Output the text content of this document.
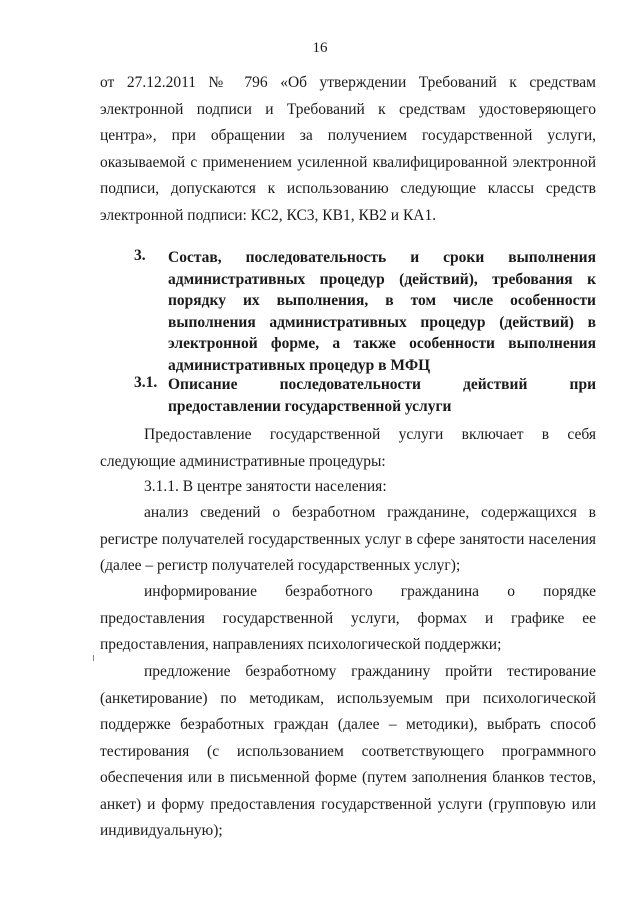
16
от 27.12.2011 № 796 «Об утверждении Требований к средствам электронной подписи и Требований к средствам удостоверяющего центра», при обращении за получением государственной услуги, оказываемой с применением усиленной квалифицированной электронной подписи, допускаются к использованию следующие классы средств электронной подписи: КС2, КС3, КВ1, КВ2 и КА1.
3. Состав, последовательность и сроки выполнения административных процедур (действий), требования к порядку их выполнения, в том числе особенности выполнения административных процедур (действий) в электронной форме, а также особенности выполнения административных процедур в МФЦ
3.1. Описание последовательности действий при предоставлении государственной услуги
Предоставление государственной услуги включает в себя следующие административные процедуры:
3.1.1. В центре занятости населения:
анализ сведений о безработном гражданине, содержащихся в регистре получателей государственных услуг в сфере занятости населения (далее – регистр получателей государственных услуг);
информирование безработного гражданина о порядке предоставления государственной услуги, формах и графике ее предоставления, направлениях психологической поддержки;
предложение безработному гражданину пройти тестирование (анкетирование) по методикам, используемым при психологической поддержке безработных граждан (далее – методики), выбрать способ тестирования (с использованием соответствующего программного обеспечения или в письменной форме (путем заполнения бланков тестов, анкет) и форму предоставления государственной услуги (групповую или индивидуальную);
